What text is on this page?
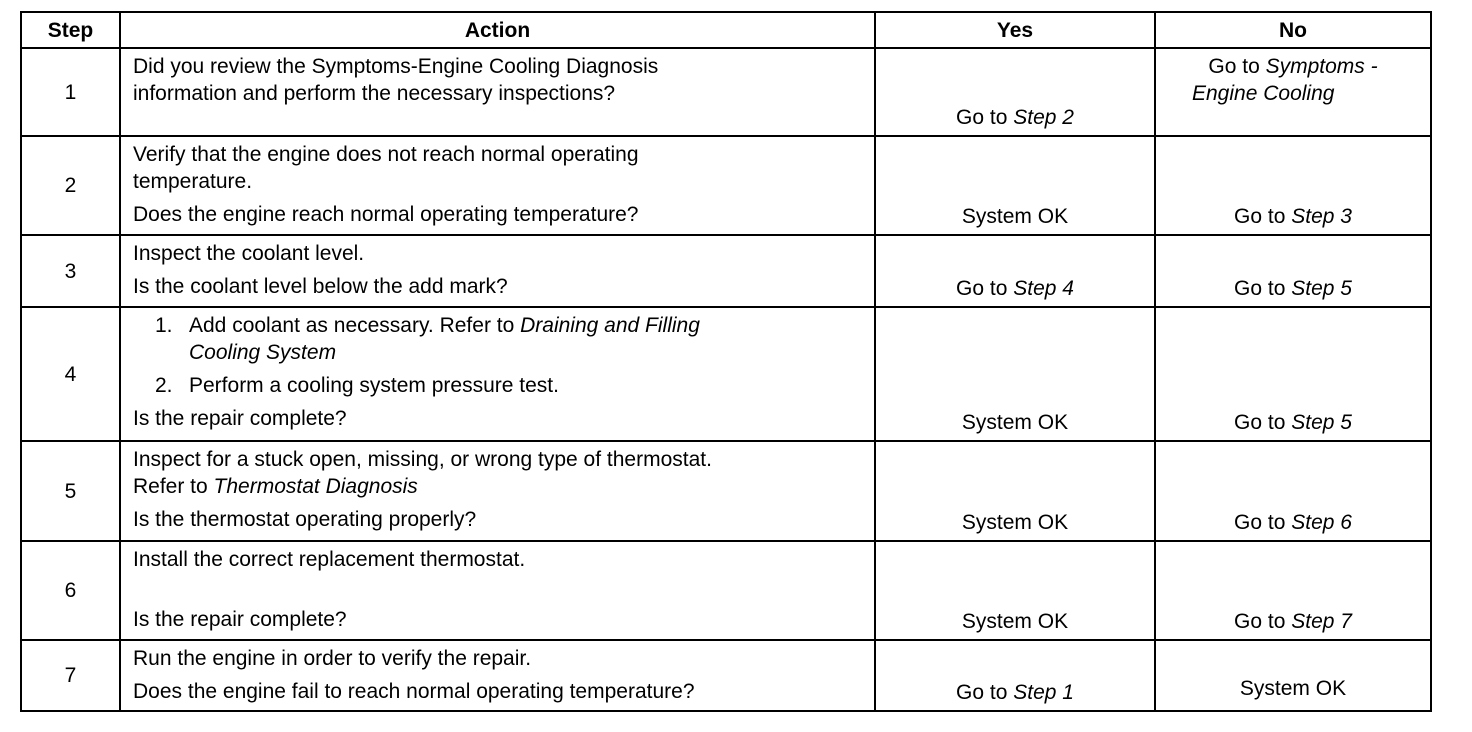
Step	Action	Yes	No
1	Did you review the Symptoms-Engine Cooling Diagnosis
information and perform the necessary inspections?	Go to Step 2	Go to Symptoms -
Engine Cooling

2	Verify that the engine does not reach normal operating
temperature.
Does the engine reach normal operating temperature?	System OK	Go to Step 3

3	Inspect the coolant level.
Is the coolant level below the add mark?	Go to Step 4	Go to Step 5

4	1. Add coolant as necessary. Refer to Draining and Filling
Cooling System
2. Perform a cooling system pressure test.
Is the repair complete?	System OK	Go to Step 5

5	Inspect for a stuck open, missing, or wrong type of thermostat.
Refer to Thermostat Diagnosis
Is the thermostat operating properly?	System OK	Go to Step 6

6	Install the correct replacement thermostat.
Is the repair complete?	System OK	Go to Step 7

7	Run the engine in order to verify the repair.
Does the engine fail to reach normal operating temperature?	Go to Step 1	System OK
